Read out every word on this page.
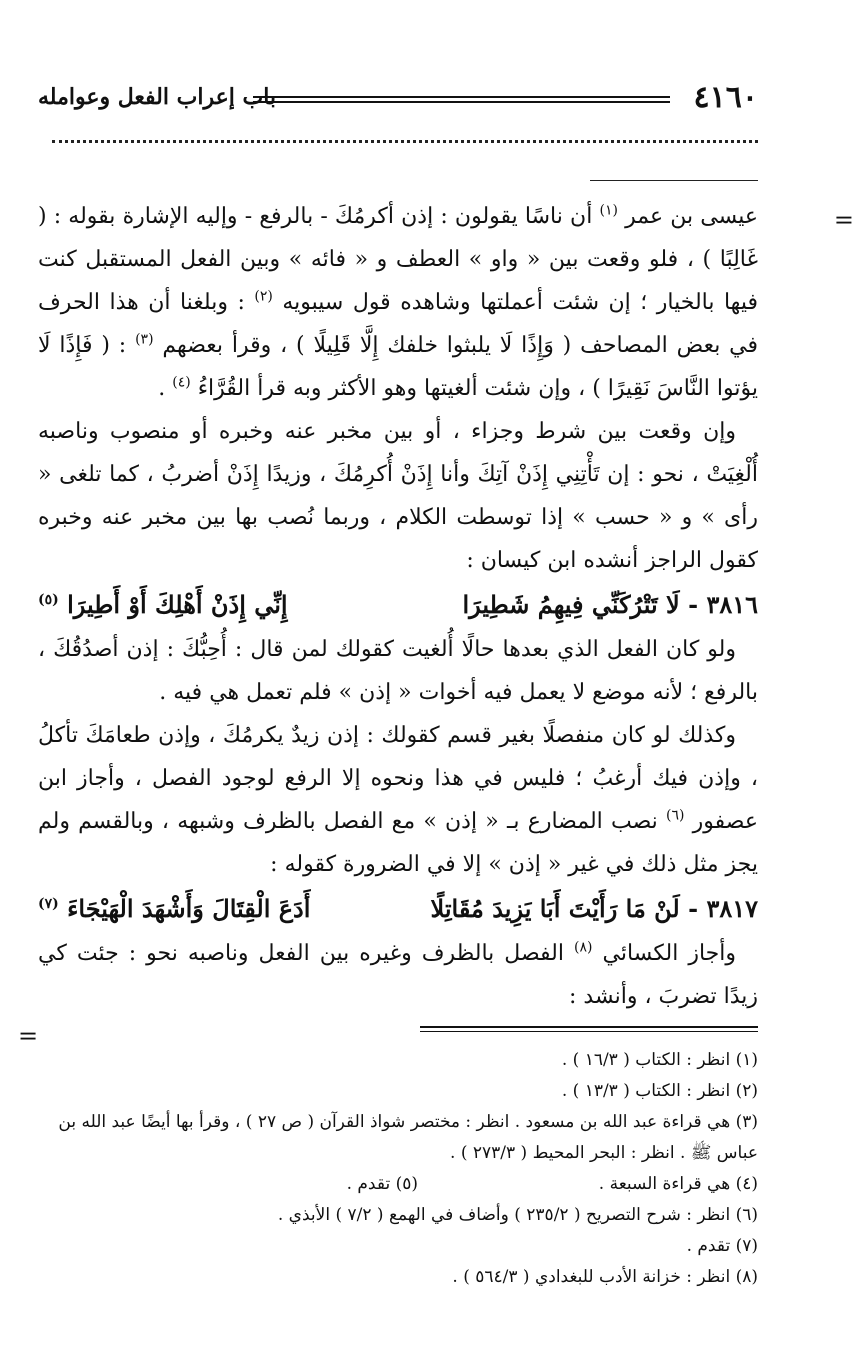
٤١٦٠
باب إعراب الفعل وعوامله
=
=

عيسى بن عمر $^{(١)}$ أن ناسًا يقولون : إذن أكرمُكَ - بالرفع - وإليه الإشارة بقوله : ( غَالِبًا ) ، فلو وقعت بين « واو » العطف و « فائه » وبين الفعل المستقبل كنت فيها بالخيار ؛ إن شئت أعملتها وشاهده قول سيبويه $^{(٢)}$ : وبلغنا أن هذا الحرف في بعض المصاحف ( وَإِذًا لَا يلبثوا خلفك إِلَّا قَلِيلًا ) ، وقرأ بعضهم $^{(٣)}$ : ( فَإِذًا لَا يؤتوا النَّاسَ نَقِيرًا ) ، وإن شئت ألغيتها وهو الأكثر وبه قرأ القُرَّاءُ $^{(٤)}$ .

وإن وقعت بين شرط وجزاء ، أو بين مخبر عنه وخبره أو منصوب وناصبه أُلْغِيَتْ ، نحو : إن تَأْتِنِي إِذَنْ آتِكَ وأنا إِذَنْ أُكرِمُكَ ، وزيدًا إِذَنْ أضربُ ، كما تلغى « رأى » و « حسب » إذا توسطت الكلام ، وربما نُصب بها بين مخبر عنه وخبره كقول الراجز أنشده ابن كيسان :

٣٨١٦ - لَا تَتْرُكَنِّي فِيهِمُ شَطِيرَا
إِنِّي إِذَنْ أَهْلِكَ أَوْ أَطِيرَا $^{(٥)}$

ولو كان الفعل الذي بعدها حالًا أُلغيت كقولك لمن قال : أُحِبُّكَ : إذن أصدُقُكَ ، بالرفع ؛ لأنه موضع لا يعمل فيه أخوات « إذن » فلم تعمل هي فيه .

وكذلك لو كان منفصلًا بغير قسم كقولك : إذن زيدٌ يكرمُكَ ، وإذن طعامَكَ تأكلُ ، وإذن فيك أرغبُ ؛ فليس في هذا ونحوه إلا الرفع لوجود الفصل ، وأجاز ابن عصفور $^{(٦)}$ نصب المضارع بـ « إذن » مع الفصل بالظرف وشبهه ، وبالقسم ولم يجز مثل ذلك في غير « إذن » إلا في الضرورة كقوله :

٣٨١٧ - لَنْ مَا رَأَيْتَ أَبَا يَزِيدَ مُقَاتِلًا
أَدَعَ الْقِتَالَ وَأَشْهَدَ الْهَيْجَاءَ $^{(٧)}$

وأجاز الكسائي $^{(٨)}$ الفصل بالظرف وغيره بين الفعل وناصبه نحو : جئت كي زيدًا تضربَ ، وأنشد :

(١) انظر : الكتاب ( ١٦/٣ ) .

(٢) انظر : الكتاب ( ١٣/٣ ) .

(٣) هي قراءة عبد الله بن مسعود . انظر : مختصر شواذ القرآن ( ص ٢٧ ) ، وقرأ بها أيضًا عبد الله بن عباس ﷺ . انظر : البحر المحيط ( ٢٧٣/٣ ) .

(٤) هي قراءة السبعة .

(٥) تقدم .

(٦) انظر : شرح التصريح ( ٢٣٥/٢ ) وأضاف في الهمع ( ٧/٢ ) الأبذي .

(٧) تقدم .

(٨) انظر : خزانة الأدب للبغدادي ( ٥٦٤/٣ ) .
